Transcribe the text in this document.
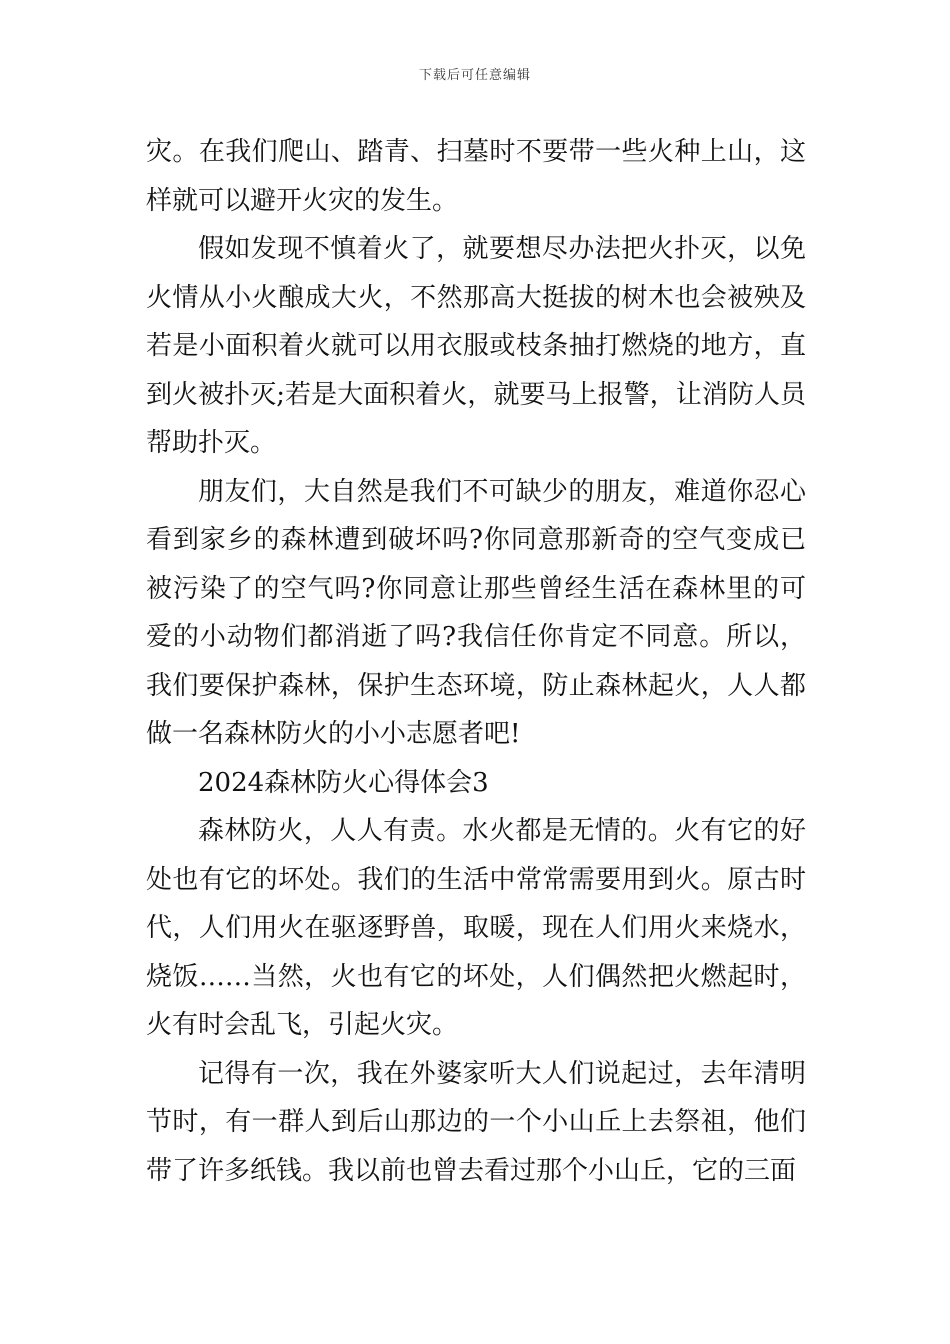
下载后可任意编辑

灾。在我们爬山、踏青、扫墓时不要带一些火种上山，这样就可以避开火灾的发生。

假如发现不慎着火了，就要想尽办法把火扑灭，以免火情从小火酿成大火，不然那高大挺拔的树木也会被殃及若是小面积着火就可以用衣服或枝条抽打燃烧的地方，直到火被扑灭;若是大面积着火，就要马上报警，让消防人员帮助扑灭。

朋友们，大自然是我们不可缺少的朋友，难道你忍心看到家乡的森林遭到破坏吗?你同意那新奇的空气变成已被污染了的空气吗?你同意让那些曾经生活在森林里的可爱的小动物们都消逝了吗?我信任你肯定不同意。所以，我们要保护森林，保护生态环境，防止森林起火，人人都做一名森林防火的小小志愿者吧!

2024森林防火心得体会3

森林防火，人人有责。水火都是无情的。火有它的好处也有它的坏处。我们的生活中常常需要用到火。原古时代，人们用火在驱逐野兽，取暖，现在人们用火来烧水，烧饭……当然，火也有它的坏处，人们偶然把火燃起时，火有时会乱飞，引起火灾。

记得有一次，我在外婆家听大人们说起过，去年清明节时，有一群人到后山那边的一个小山丘上去祭祖，他们带了许多纸钱。我以前也曾去看过那个小山丘，它的三面
